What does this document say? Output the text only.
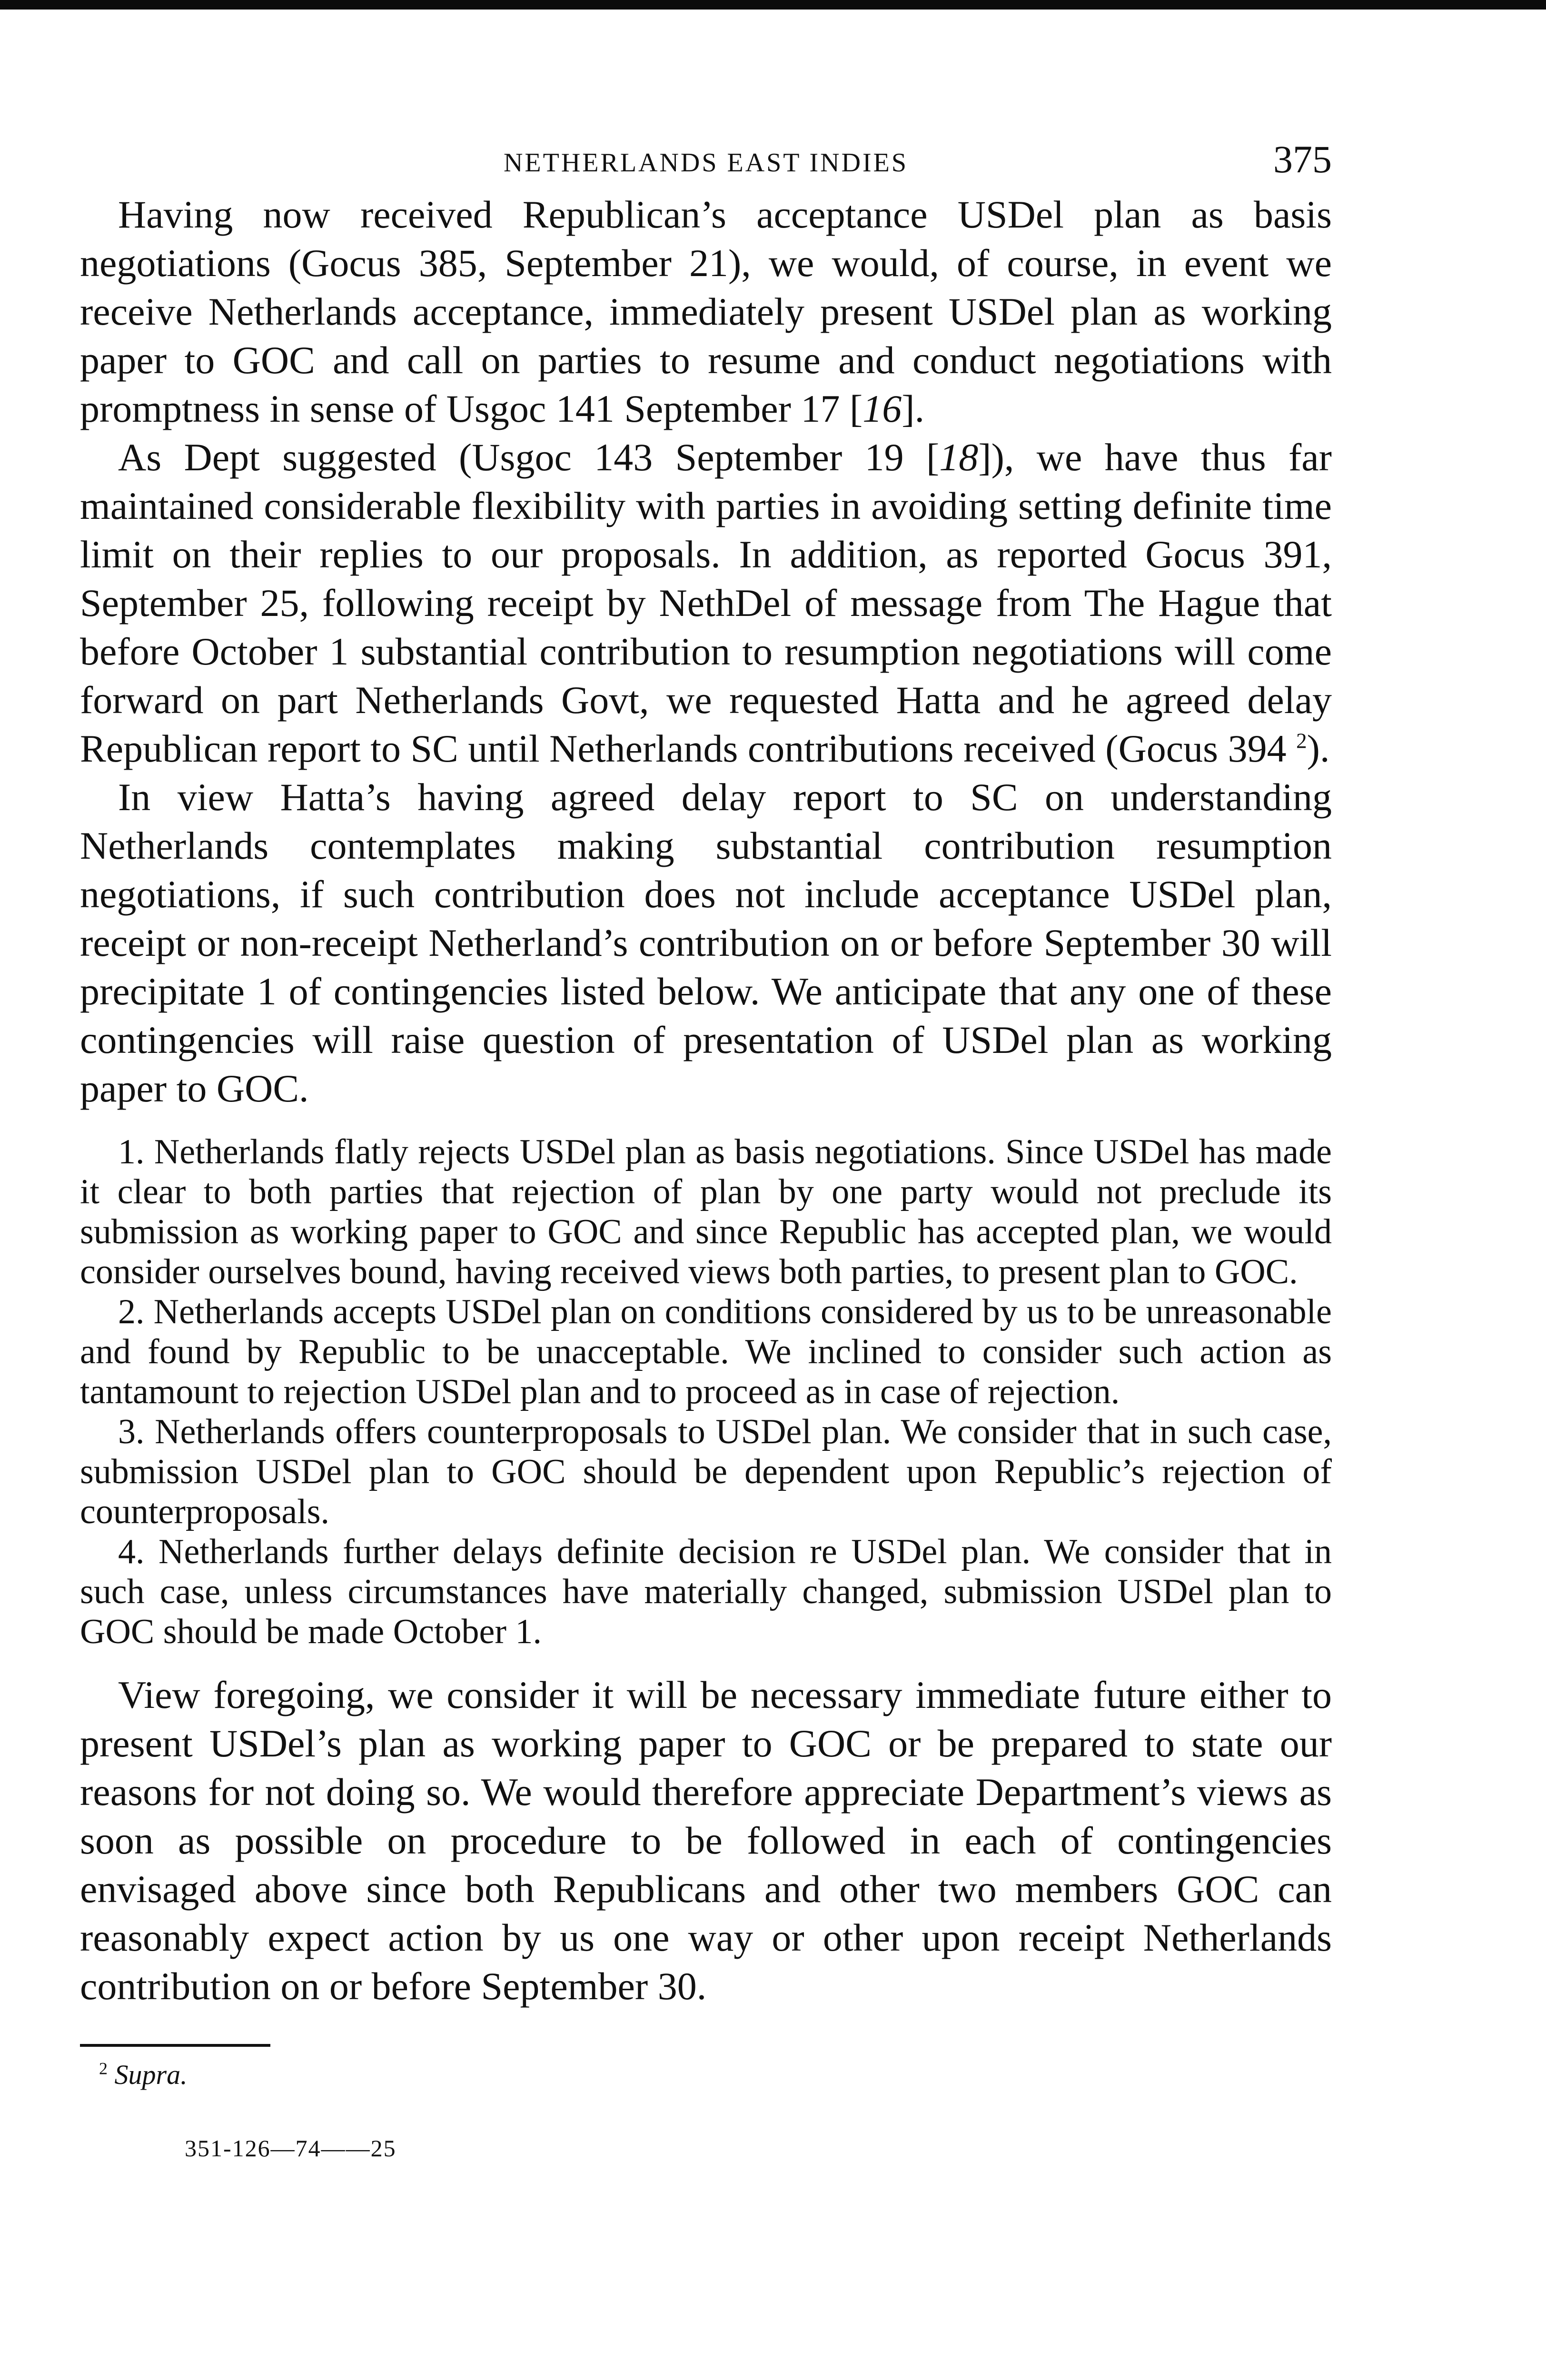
NETHERLANDS EAST INDIES	375

Having now received Republican’s acceptance USDel plan as basis negotiations (Gocus 385, September 21), we would, of course, in event we receive Netherlands acceptance, immediately present USDel plan as working paper to GOC and call on parties to resume and conduct negotiations with promptness in sense of Usgoc 141 September 17 [16].

As Dept suggested (Usgoc 143 September 19 [18]), we have thus far maintained considerable flexibility with parties in avoiding setting definite time limit on their replies to our proposals. In addition, as reported Gocus 391, September 25, following receipt by NethDel of message from The Hague that before October 1 substantial contribution to resumption negotiations will come forward on part Netherlands Govt, we requested Hatta and he agreed delay Republican report to SC until Netherlands contributions received (Gocus 394 $^2$).

In view Hatta’s having agreed delay report to SC on understanding Netherlands contemplates making substantial contribution resumption negotiations, if such contribution does not include acceptance USDel plan, receipt or non-receipt Netherland’s contribution on or before September 30 will precipitate 1 of contingencies listed below. We anticipate that any one of these contingencies will raise question of presentation of USDel plan as working paper to GOC.

1. Netherlands flatly rejects USDel plan as basis negotiations. Since USDel has made it clear to both parties that rejection of plan by one party would not preclude its submission as working paper to GOC and since Republic has accepted plan, we would consider ourselves bound, having received views both parties, to present plan to GOC.

2. Netherlands accepts USDel plan on conditions considered by us to be unreasonable and found by Republic to be unacceptable. We inclined to consider such action as tantamount to rejection USDel plan and to proceed as in case of rejection.

3. Netherlands offers counterproposals to USDel plan. We consider that in such case, submission USDel plan to GOC should be dependent upon Republic’s rejection of counterproposals.

4. Netherlands further delays definite decision re USDel plan. We consider that in such case, unless circumstances have materially changed, submission USDel plan to GOC should be made October 1.

View foregoing, we consider it will be necessary immediate future either to present USDel’s plan as working paper to GOC or be prepared to state our reasons for not doing so. We would therefore appreciate Department’s views as soon as possible on procedure to be followed in each of contingencies envisaged above since both Republicans and other two members GOC can reasonably expect action by us one way or other upon receipt Netherlands contribution on or before September 30.

$^2$ Supra.
351-126—74——25
